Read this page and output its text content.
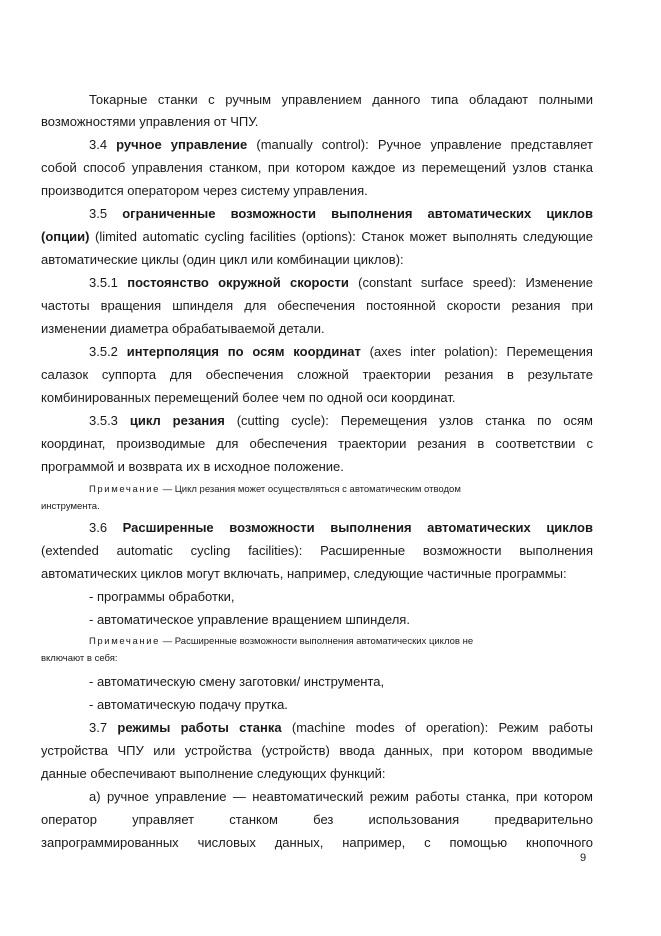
Токарные станки с ручным управлением данного типа обладают полными
возможностями управления от ЧПУ.
3.4 ручное управление (manually control): Ручное управление представляет
собой способ управления станком, при котором каждое из перемещений узлов станка
производится оператором через систему управления.
3.5 ограниченные возможности выполнения автоматических циклов
(опции) (limited automatic cycling facilities (options): Станок может выполнять следующие
автоматические циклы (один цикл или комбинации циклов):
3.5.1 постоянство окружной скорости (constant surface speed): Изменение
частоты вращения шпинделя для обеспечения постоянной скорости резания при
изменении диаметра обрабатываемой детали.
3.5.2 интерполяция по осям координат (axes inter polation): Перемещения
салазок суппорта для обеспечения сложной траектории резания в результате
комбинированных перемещений более чем по одной оси координат.
3.5.3 цикл резания (cutting cycle): Перемещения узлов станка по осям
координат, производимые для обеспечения траектории резания в соответствии с
программой и возврата их в исходное положение.
Примечание — Цикл резания может осуществляться с автоматическим отводом
инструмента.
3.6 Расширенные возможности выполнения автоматических циклов
(extended automatic cycling facilities): Расширенные возможности выполнения
автоматических циклов могут включать, например, следующие частичные программы:
- программы обработки,
- автоматическое управление вращением шпинделя.
Примечание — Расширенные возможности выполнения автоматических циклов не
включают в себя:
- автоматическую смену заготовки/ инструмента,
- автоматическую подачу прутка.
3.7 режимы работы станка (machine modes of operation): Режим работы
устройства ЧПУ или устройства (устройств) ввода данных, при котором вводимые
данные обеспечивают выполнение следующих функций:
а) ручное управление — неавтоматический режим работы станка, при котором
оператор управляет станком без использования предварительно
запрограммированных числовых данных, например, с помощью кнопочного
9
